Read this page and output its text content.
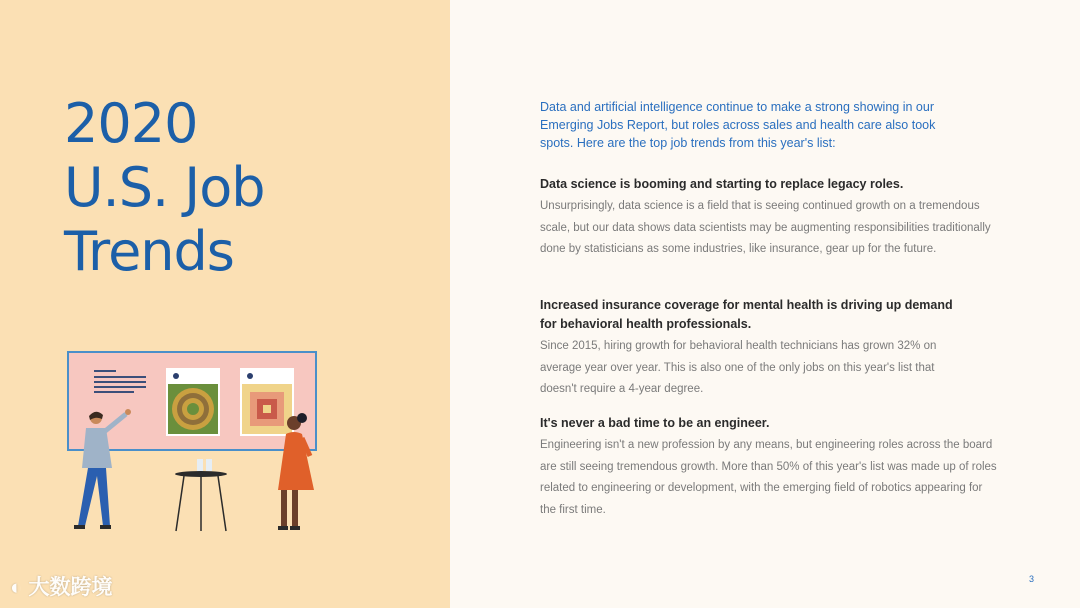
2020
U.S. Job
Trends
◐ 大数跨境

Data and artificial intelligence continue to make a strong showing in our Emerging Jobs Report, but roles across sales and health care also took spots. Here are the top job trends from this year's list:

Data science is booming and starting to replace legacy roles.

Unsurprisingly, data science is a field that is seeing continued growth on a tremendous scale, but our data shows data scientists may be augmenting responsibilities traditionally done by statisticians as some industries, like insurance, gear up for the future.

Increased insurance coverage for mental health is driving up demand for behavioral health professionals.

Since 2015, hiring growth for behavioral health technicians has grown 32% on average year over year. This is also one of the only jobs on this year's list that doesn't require a 4-year degree.

It's never a bad time to be an engineer.

Engineering isn't a new profession by any means, but engineering roles across the board are still seeing tremendous growth. More than 50% of this year's list was made up of roles related to engineering or development, with the emerging field of robotics appearing for the first time.

3
